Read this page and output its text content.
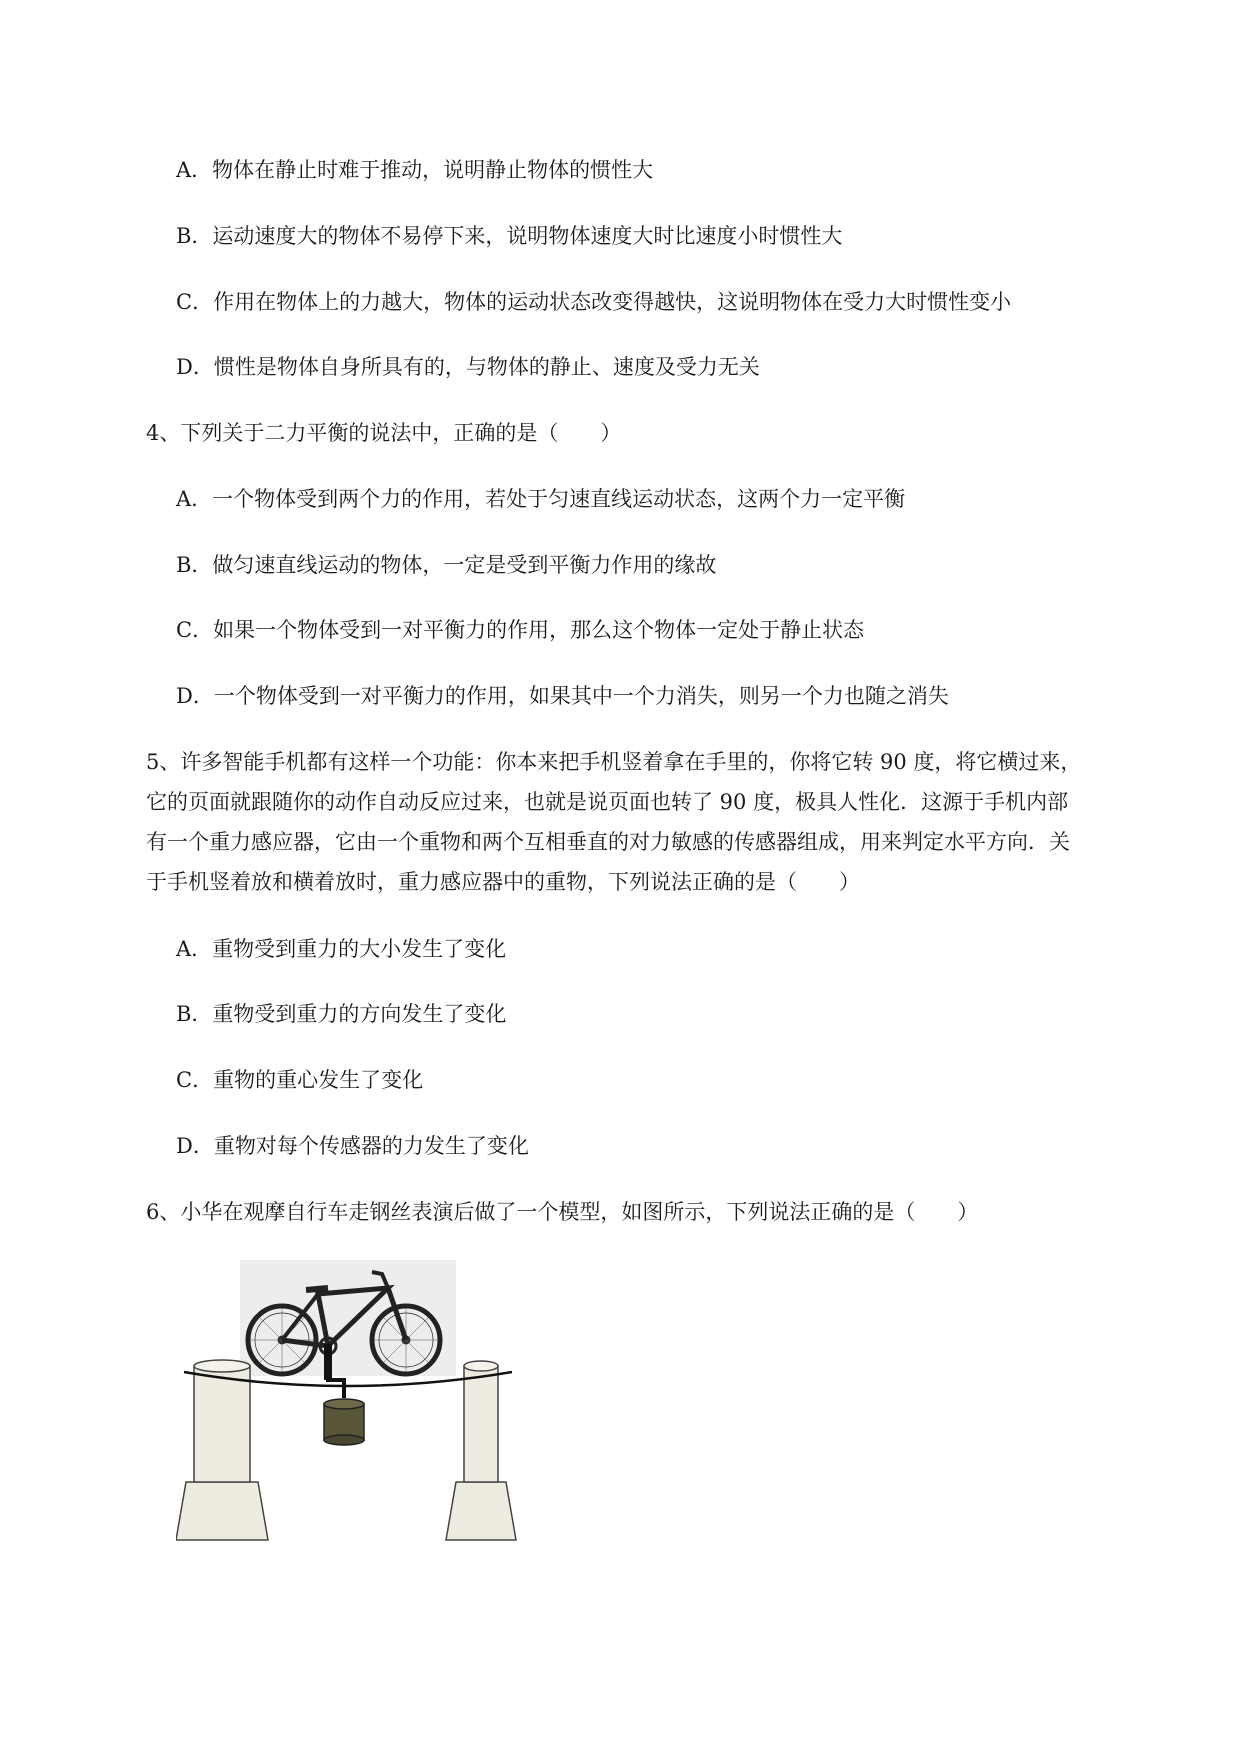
A．物体在静止时难于推动，说明静止物体的惯性大
B．运动速度大的物体不易停下来，说明物体速度大时比速度小时惯性大
C．作用在物体上的力越大，物体的运动状态改变得越快，这说明物体在受力大时惯性变小
D．惯性是物体自身所具有的，与物体的静止、速度及受力无关
4、下列关于二力平衡的说法中，正确的是（　　）
A．一个物体受到两个力的作用，若处于匀速直线运动状态，这两个力一定平衡
B．做匀速直线运动的物体，一定是受到平衡力作用的缘故
C．如果一个物体受到一对平衡力的作用，那么这个物体一定处于静止状态
D．一个物体受到一对平衡力的作用，如果其中一个力消失，则另一个力也随之消失
5、许多智能手机都有这样一个功能：你本来把手机竖着拿在手里的，你将它转 90 度，将它横过来，
它的页面就跟随你的动作自动反应过来，也就是说页面也转了 90 度，极具人性化．这源于手机内部
有一个重力感应器，它由一个重物和两个互相垂直的对力敏感的传感器组成，用来判定水平方向．关
于手机竖着放和横着放时，重力感应器中的重物，下列说法正确的是（　　）
A．重物受到重力的大小发生了变化
B．重物受到重力的方向发生了变化
C．重物的重心发生了变化
D．重物对每个传感器的力发生了变化
6、小华在观摩自行车走钢丝表演后做了一个模型，如图所示，下列说法正确的是（　　）
